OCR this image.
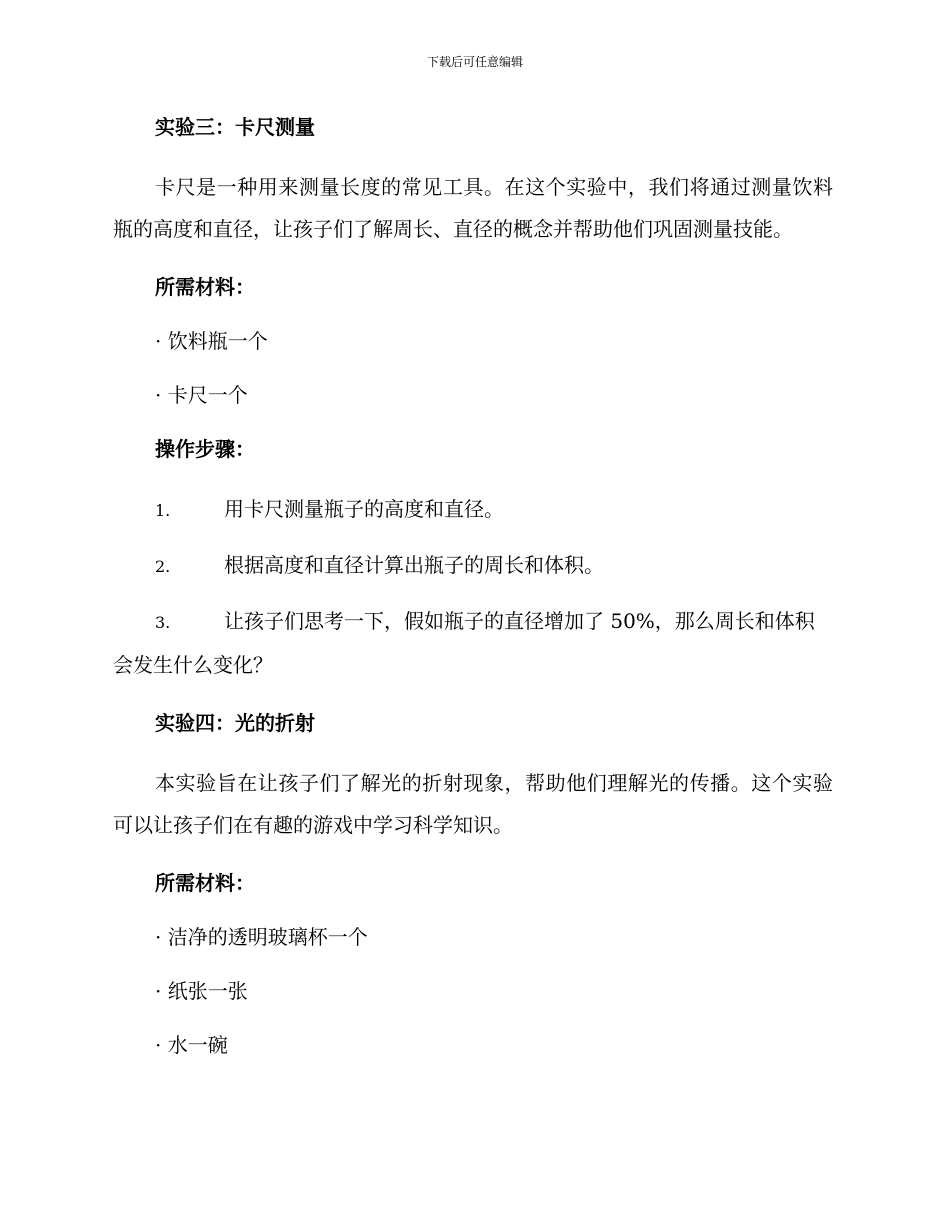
下载后可任意编辑
实验三：卡尺测量
卡尺是一种用来测量长度的常见工具。在这个实验中，我们将通过测量饮料瓶的高度和直径，让孩子们了解周长、直径的概念并帮助他们巩固测量技能。
所需材料：
· 饮料瓶一个
· 卡尺一个
操作步骤：
1.	用卡尺测量瓶子的高度和直径。
2.	根据高度和直径计算出瓶子的周长和体积。
3.	让孩子们思考一下，假如瓶子的直径增加了 50%，那么周长和体积会发生什么变化？
实验四：光的折射
本实验旨在让孩子们了解光的折射现象，帮助他们理解光的传播。这个实验可以让孩子们在有趣的游戏中学习科学知识。
所需材料：
· 洁净的透明玻璃杯一个
· 纸张一张
· 水一碗
